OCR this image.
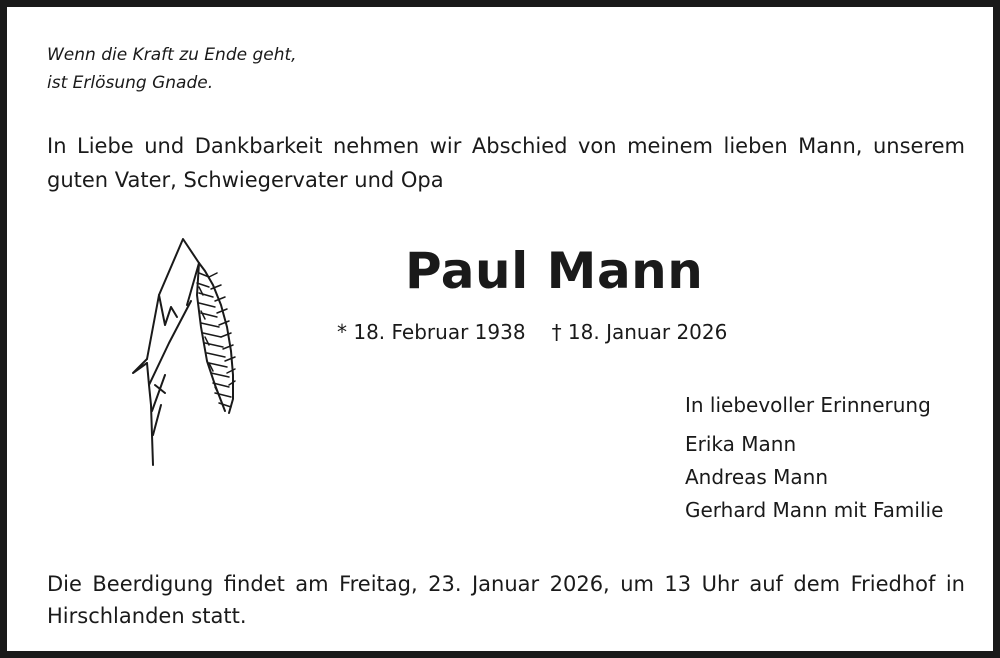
Wenn die Kraft zu Ende geht,
ist Erlösung Gnade.
In Liebe und Dankbarkeit nehmen wir Abschied von meinem lieben Mann, unserem guten Vater, Schwiegervater und Opa
Paul Mann
* 18. Februar 1938 † 18. Januar 2026
In liebevoller Erinnerung
Erika Mann
Andreas Mann
Gerhard Mann mit Familie
Die Beerdigung findet am Freitag, 23. Januar 2026, um 13 Uhr auf dem Friedhof in Hirschlanden statt.
